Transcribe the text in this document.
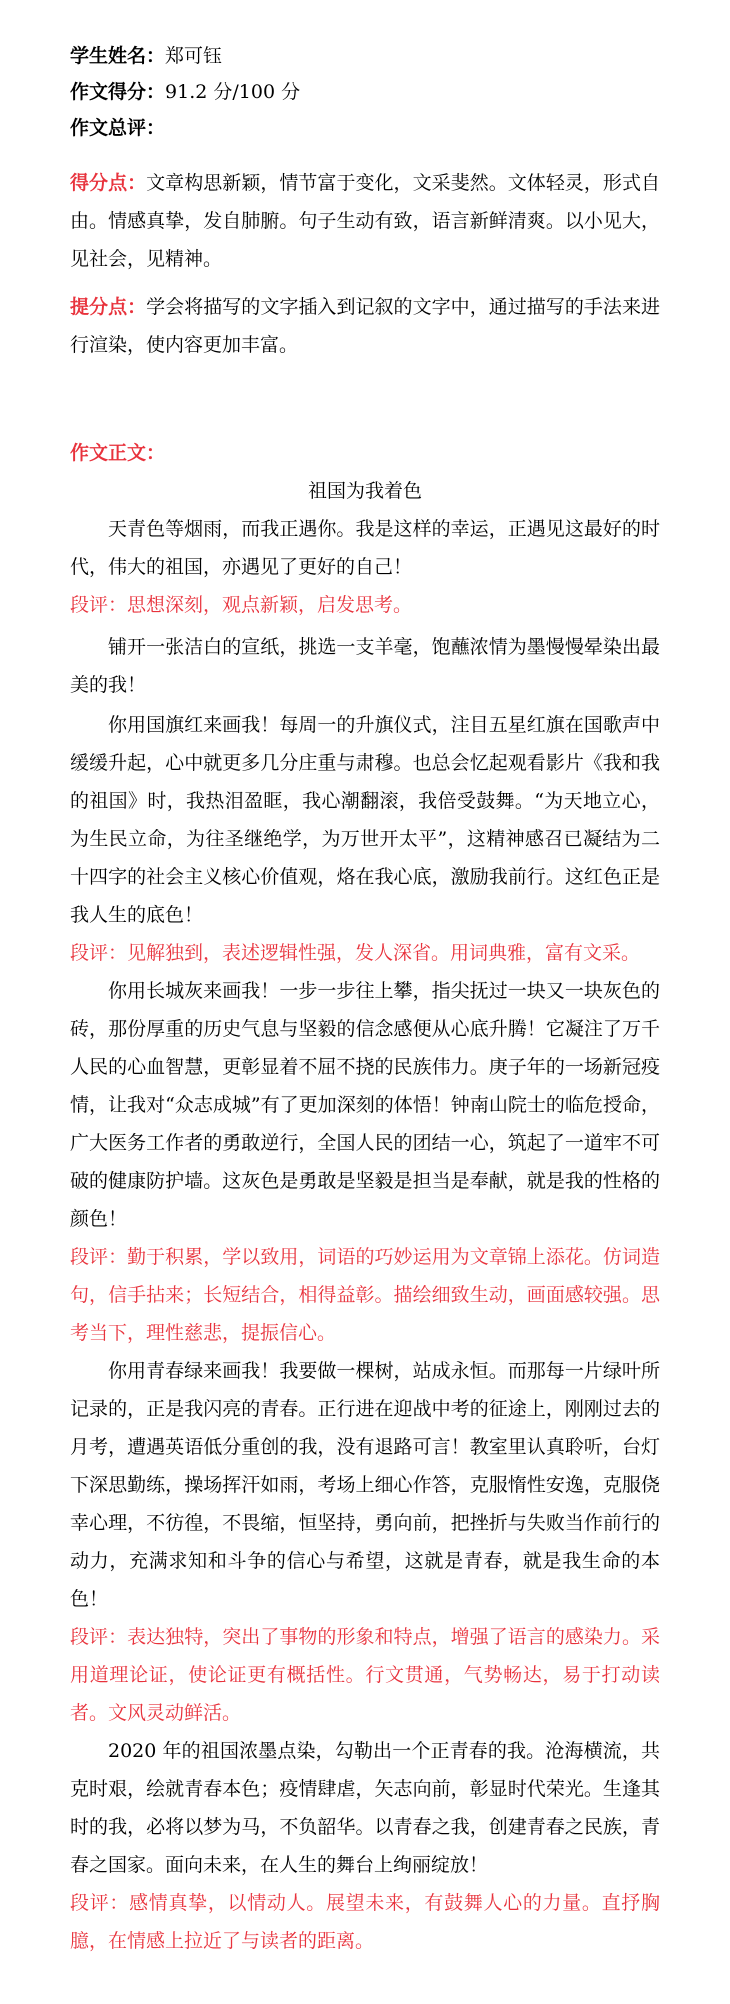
学生姓名：郑可钰
作文得分：91.2 分/100 分
作文总评：
得分点：文章构思新颖，情节富于变化，文采斐然。文体轻灵，形式自由。情感真挚，发自肺腑。句子生动有致，语言新鲜清爽。以小见大，见社会，见精神。
提分点：学会将描写的文字插入到记叙的文字中，通过描写的手法来进行渲染，使内容更加丰富。
作文正文：
祖国为我着色
天青色等烟雨，而我正遇你。我是这样的幸运，正遇见这最好的时代，伟大的祖国，亦遇见了更好的自己！
段评：思想深刻，观点新颖，启发思考。
铺开一张洁白的宣纸，挑选一支羊毫，饱蘸浓情为墨慢慢晕染出最美的我！
你用国旗红来画我！每周一的升旗仪式，注目五星红旗在国歌声中缓缓升起，心中就更多几分庄重与肃穆。也总会忆起观看影片《我和我的祖国》时，我热泪盈眶，我心潮翻滚，我倍受鼓舞。“为天地立心，为生民立命，为往圣继绝学，为万世开太平”，这精神感召已凝结为二十四字的社会主义核心价值观，烙在我心底，激励我前行。这红色正是我人生的底色！
段评：见解独到，表述逻辑性强，发人深省。用词典雅，富有文采。
你用长城灰来画我！一步一步往上攀，指尖抚过一块又一块灰色的砖，那份厚重的历史气息与坚毅的信念感便从心底升腾！它凝注了万千人民的心血智慧，更彰显着不屈不挠的民族伟力。庚子年的一场新冠疫情，让我对“众志成城”有了更加深刻的体悟！钟南山院士的临危授命，广大医务工作者的勇敢逆行，全国人民的团结一心，筑起了一道牢不可破的健康防护墙。这灰色是勇敢是坚毅是担当是奉献，就是我的性格的颜色！
段评：勤于积累，学以致用，词语的巧妙运用为文章锦上添花。仿词造句，信手拈来；长短结合，相得益彰。描绘细致生动，画面感较强。思考当下，理性慈悲，提振信心。
你用青春绿来画我！我要做一棵树，站成永恒。而那每一片绿叶所记录的，正是我闪亮的青春。正行进在迎战中考的征途上，刚刚过去的月考，遭遇英语低分重创的我，没有退路可言！教室里认真聆听，台灯下深思勤练，操场挥汗如雨，考场上细心作答，克服惰性安逸，克服侥幸心理，不彷徨，不畏缩，恒坚持，勇向前，把挫折与失败当作前行的动力，充满求知和斗争的信心与希望，这就是青春，就是我生命的本色！
段评：表达独特，突出了事物的形象和特点，增强了语言的感染力。采用道理论证，使论证更有概括性。行文贯通，气势畅达，易于打动读者。文风灵动鲜活。
2020 年的祖国浓墨点染，勾勒出一个正青春的我。沧海横流，共克时艰，绘就青春本色；疫情肆虐，矢志向前，彰显时代荣光。生逢其时的我，必将以梦为马，不负韶华。以青春之我，创建青春之民族，青春之国家。面向未来，在人生的舞台上绚丽绽放！
段评：感情真挚，以情动人。展望未来，有鼓舞人心的力量。直抒胸臆，在情感上拉近了与读者的距离。
